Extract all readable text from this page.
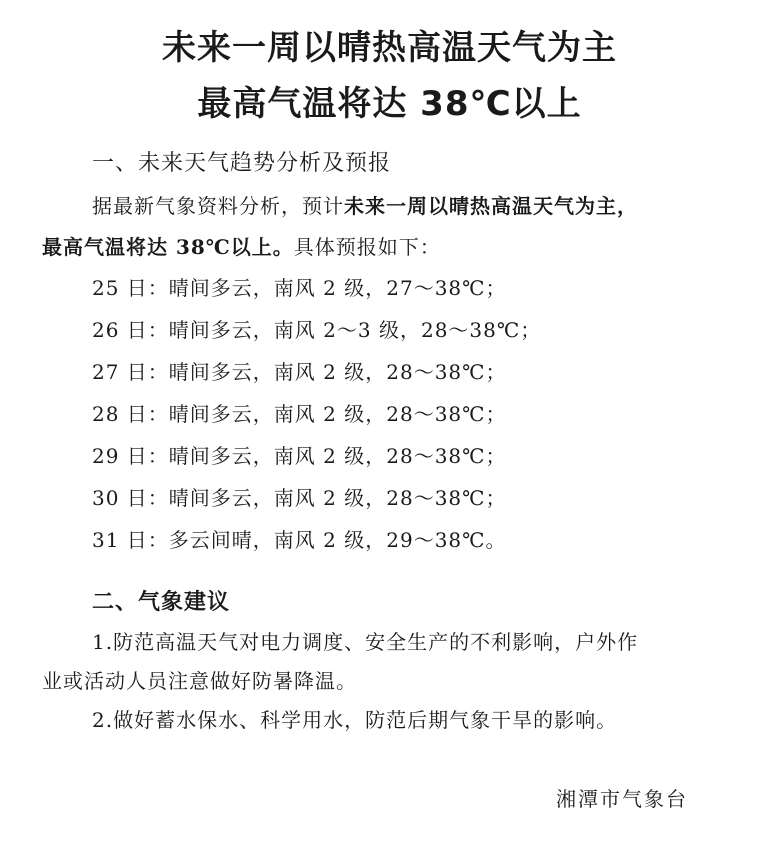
未来一周以晴热高温天气为主
最高气温将达 38℃以上
一、未来天气趋势分析及预报

据最新气象资料分析，预计未来一周以晴热高温天气为主，

最高气温将达 38℃以上。具体预报如下：

25 日：晴间多云，南风 2 级，27～38℃；
26 日：晴间多云，南风 2～3 级，28～38℃；
27 日：晴间多云，南风 2 级，28～38℃；
28 日：晴间多云，南风 2 级，28～38℃；
29 日：晴间多云，南风 2 级，28～38℃；
30 日：晴间多云，南风 2 级，28～38℃；
31 日：多云间晴，南风 2 级，29～38℃。
二、气象建议

1.防范高温天气对电力调度、安全生产的不利影响，户外作

业或活动人员注意做好防暑降温。

2.做好蓄水保水、科学用水，防范后期气象干旱的影响。

湘潭市气象台
